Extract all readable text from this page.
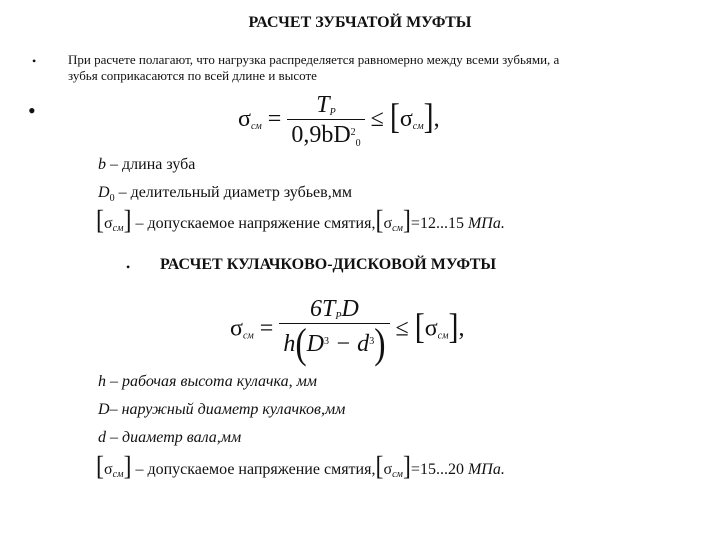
РАСЧЕТ ЗУБЧАТОЙ МУФТЫ
• При расчете полагают, что нагрузка распределяется равномерно между всеми зубьями, а
зубья соприкасаются по всей длине и высоте
•	$\sigma_{см} = \frac{T_P}{0,9bD^20} \le [\sigma_{см}]$,
b – длина зуба
$D_0$ – делительный диаметр зубьев,мм
$[\sigma_{см}]$ – допускаемое напряжение $смятия,[\sigma_{см}]=12...15$ МПа.
• РАСЧЕТ КУЛАЧКОВО-ДИСКОВОЙ МУФТЫ
$\sigma_{см} = \frac{6T_PD}{h(D^3 - d^3)} \le [\sigma_{см}]$,
h – рабочая высота кулачка, мм
D– наружный диаметр кулачков,мм
d – диаметр вала,мм
$[\sigma_{см}]$ – допускаемое напряжение $смятия,[\sigma_{см}]=15...20$ МПа.
